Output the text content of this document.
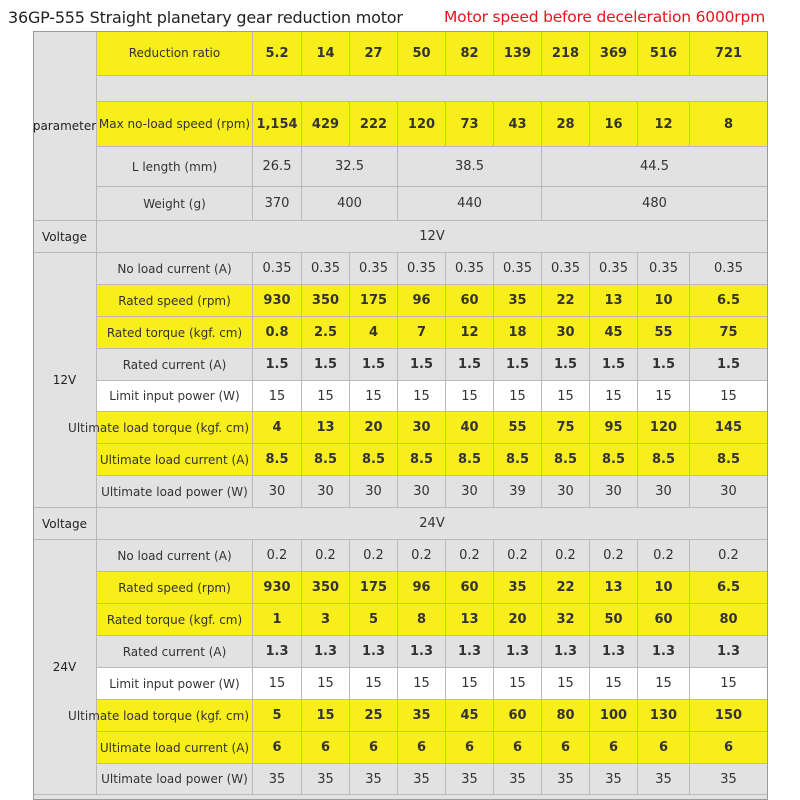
36GP-555 Straight planetary gear reduction motor	Motor speed before deceleration 6000rpm
parameter
Reduction ratio	5.2 14 27 50 82 139 218 369 516	721
Max no-load speed (rpm) 1,154 429 222 120 73 43 28 16 12	8
L length (mm)	26.5	32.5	38.5	44.5
Weight (g)	370	400	440	480
Voltage	12V
12V
No load current (A) 0.35 0.35 0.35 0.35 0.35 0.35 0.35 0.35 0.35	0.35
Rated speed (rpm)	930 350 175 96 60 35 22 13 10	6.5
Rated torque (kgf. cm) 0.8 2.5 4	7	12 18 30 45 55	75
Rated current (A)	1.5 1.5 1.5 1.5 1.5 1.5 1.5 1.5 1.5	1.5
Limit input power (W) 15 15 15 15 15 15 15 15	15	15
Ultimate load torque (kgf. cm) 4	13 20 30 40 55 75 95 120	145
Ultimate load current (A) 8.5 8.5 8.5 8.5 8.5 8.5 8.5 8.5 8.5	8.5
Ultimate load power (W) 30 30 30 30 30 39 30 30	30	30
Voltage	24V
24V
No load current (A)	0.2 0.2 0.2 0.2 0.2 0.2 0.2 0.2 0.2	0.2
Rated speed (rpm)	930 350 175 96 60 35 22 13 10	6.5
Rated torque (kgf. cm) 1	3	5	8	13 20 32 50 60	80
Rated current (A)	1.3 1.3 1.3 1.3 1.3 1.3 1.3 1.3 1.3	1.3
Limit input power (W) 15 15 15 15 15 15 15 15	15	15
Ultimate load torque (kgf. cm) 5	15 25 35 45 60 80 100 130	150
Ultimate load current (A) 6	6	6	6	6	6	6	6	6	6
Ultimate load power (W) 35 35 35 35 35 35 35 35	35	35
